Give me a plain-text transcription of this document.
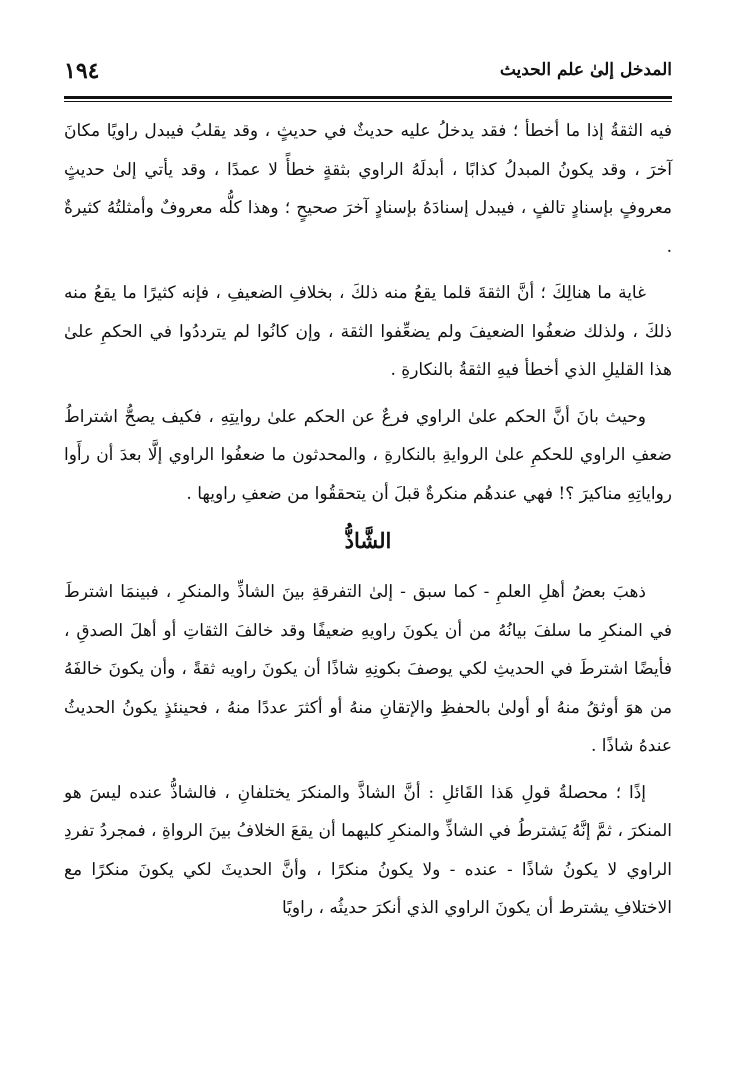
المدخل إلىٰ علم الحديث
١٩٤

فيه الثقةُ إذا ما أخطأ ؛ فقد يدخلُ عليه حديثٌ في حديثٍ ، وقد يقلبُ فيبدل راويًا مكانَ آخرَ ، وقد يكونُ المبدلُ كذابًا ، أبدلَهُ الراوي بثقةٍ خطأً لا عمدًا ، وقد يأتي إلىٰ حديثٍ معروفٍ بإسنادٍ تالفٍ ، فيبدل إسنادَهُ بإسنادٍ آخرَ صحيحٍ ؛ وهذا كلُّه معروفٌ وأمثلتُهُ كثيرةٌ .

غاية ما هنالِكَ ؛ أنَّ الثقةَ قلما يقعُ منه ذلكَ ، بخلافِ الضعيفِ ، فإنه كثيرًا ما يقعُ منه ذلكَ ، ولذلك ضعفُوا الضعيفَ ولم يضعِّفوا الثقة ، وإن كانُوا لم يترددُوا في الحكمِ علىٰ هذا القليلِ الذي أخطأ فيهِ الثقةُ بالنكارةِ .

وحيث بانَ أنَّ الحكم علىٰ الراوي فرعٌ عن الحكم علىٰ روايتِهِ ، فكيف يصحُّ اشتراطُ ضعفِ الراوي للحكمِ علىٰ الروايةِ بالنكارةِ ، والمحدثون ما ضعفُوا الراوي إلَّا بعدَ أن رأَوا رواياتِهِ مناكيرَ ؟! فهي عندهُم منكرةٌ قبلَ أن يتحققُوا من ضعفِ راويها .

الشَّاذُّ

ذهبَ بعضُ أهلِ العلمِ - كما سبق - إلىٰ التفرقةِ بينَ الشاذِّ والمنكرِ ، فبينمَا اشترطَ في المنكرِ ما سلفَ بيانُهُ من أن يكونَ راويهِ ضعيفًا وقد خالفَ الثقاتِ أو أهلَ الصدقِ ، فأيضًا اشترطَ في الحديثِ لكي يوصفَ بكونِهِ شاذًا أن يكونَ راويه ثقةً ، وأن يكونَ خالفَهُ من هوَ أوثقُ منهُ أو أولىٰ بالحفظِ والإتقانِ منهُ أو أكثرَ عددًا منهُ ، فحينئذٍ يكونُ الحديثُ عندهُ شاذًا .

إذًا ؛ محصلةُ قولِ هَذا القَائلِ : أنَّ الشاذَّ والمنكرَ يختلفانِ ، فالشاذُّ عنده ليسَ هو المنكرَ ، ثمَّ إنَّهُ يَشترطُ في الشاذِّ والمنكرِ كليهما أن يقعَ الخلافُ بينَ الرواةِ ، فمجردُ تفردِ الراوي لا يكونُ شاذًا - عنده - ولا يكونُ منكرًا ، وأنَّ الحديثَ لكي يكونَ منكرًا مع الاختلافِ يشترط أن يكونَ الراوي الذي أنكرَ حديثُه ، راويًا
